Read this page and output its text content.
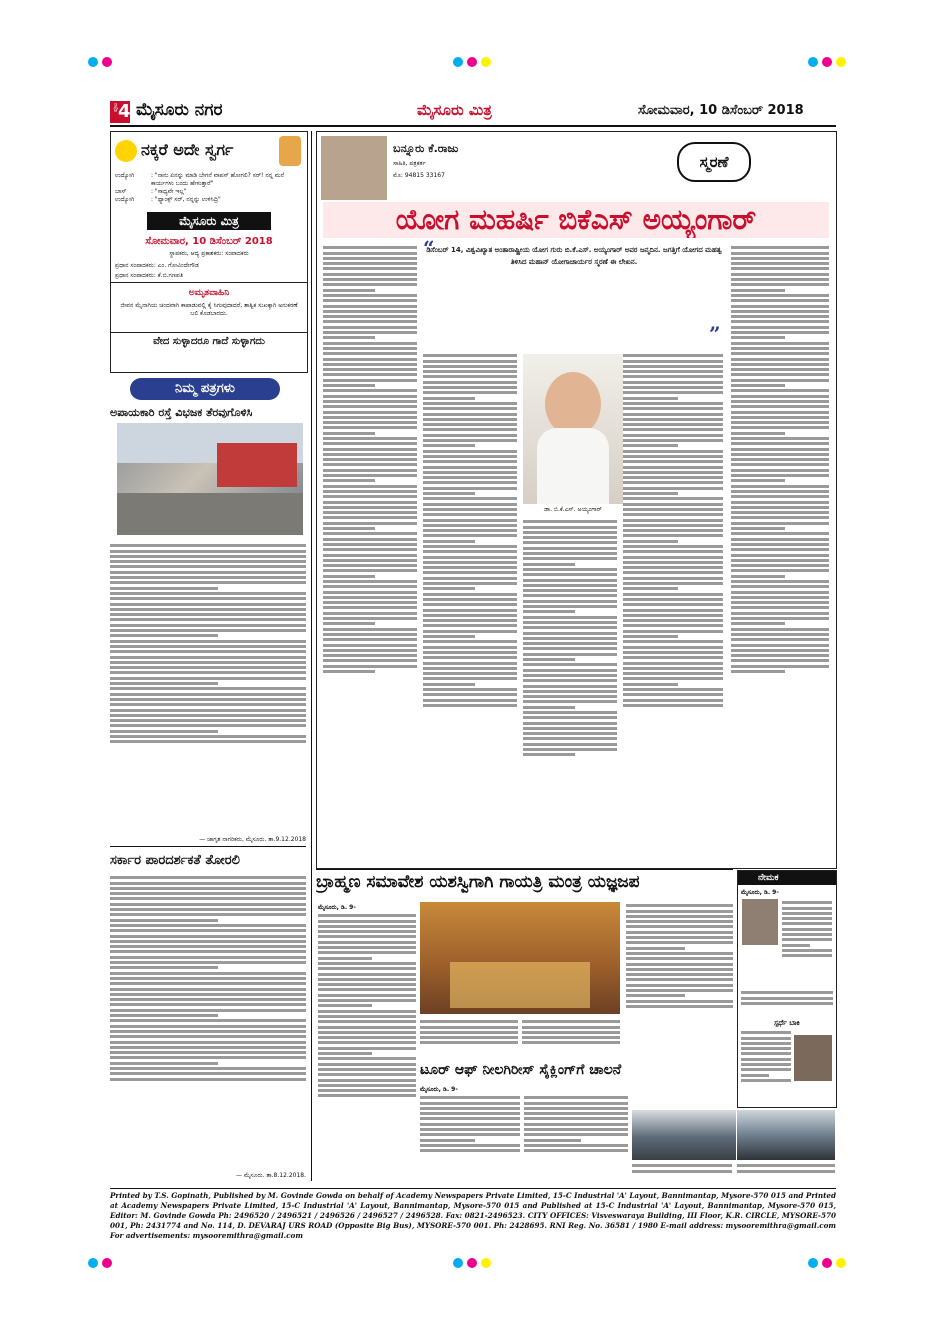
ಪುಟ 4 ಮೈಸೂರು ನಗರ	ಮೈಸೂರು ಮಿತ್ರ	ಸೋಮವಾರ, 10 ಡಿಸೆಂಬರ್ 2018
ನಕ್ಕರೆ ಅದೇ ಸ್ವರ್ಗ
ಉದ್ಯೋಗಿ	: "ನಾನು ಏನನ್ನು ಮಾಡಿ ಬೇಗನೆ ವಾಪಸ್ ಹೋಗಲಿ? ಸರ್! ನನ್ನ ಮನೆ ಕಾರ್ಯಗಳು ಬಂದು ಹೇಳುತ್ತಾರೆ"
ಬಾಸ್	: "ಸಾಧ್ಯವೇ ಇಲ್ಲ"
ಉದ್ಯೋಗಿ	: "ಥ್ಯಾಂಕ್ಸ್ ಸರ್, ನನ್ನನ್ನು ಉಳಿಸಿದ್ರಿ"
ಮೈಸೂರು ಮಿತ್ರ
ಸೋಮವಾರ, 10 ಡಿಸೆಂಬರ್ 2018
ಸ್ಥಾಪಕರು, ಆದ್ಯ ಪ್ರಕಾಶಕರು: ಸಂಪಾದಕರು
ಪ್ರಧಾನ ಸಂಪಾದಕರು: ಎಂ. ಗೋವಿಂದೇಗೌಡ
ಪ್ರಧಾನ ಸಂಪಾದಕರು: ಕೆ.ಬಿ.ಗಣಪತಿ
ಅಮೃತವಾಹಿನಿ
ಜೀವನ ಮೈನಾಗಿಯ ಚಂದವಾಗಿ ಕಾಪಾಡುವಲ್ಲಿ ಕೈ ಸಿಗುವುದಾದರೆ, ತಾತ್ವಿಕ ಸುಖಕ್ಕಾಗಿ ಅನುಕರಣೆ ಬಲಿ ಕೊಡಬಾರದು.
ವೇದ ಸುಳ್ಳಾದರೂ ಗಾದೆ ಸುಳ್ಳಾಗದು
ನಿಮ್ಮ ಪತ್ರಗಳು
ಅಪಾಯಕಾರಿ ರಸ್ತೆ ವಿಭಜಕ ತೆರವುಗೊಳಿಸಿ
— ಜಾಗೃತ ನಾಗರಿಕರು, ಮೈಸೂರು. ತಾ.9.12.2018
ಸರ್ಕಾರ ಪಾರದರ್ಶಕತೆ ತೋರಲಿ
— ಮೈಸೂರು. ತಾ.8.12.2018.
ಬನ್ನೂರು ಕೆ.ರಾಜು
ಸಾಹಿತಿ, ಪತ್ರಕರ್ತ
ಮೊ: 94815 33167
ಸ್ಮರಣೆ
ಯೋಗ ಮಹರ್ಷಿ ಬಿಕೆಎಸ್ ಅಯ್ಯಂಗಾರ್
ಡಿಸೆಂಬರ್ 14, ವಿಶ್ವವಿಖ್ಯಾತ ಅಂತಾರಾಷ್ಟ್ರೀಯ ಯೋಗ ಗುರು ಬಿ.ಕೆ.ಎಸ್. ಅಯ್ಯಂಗಾರ್ ಅವರ ಜನ್ಮದಿನ. ಜಗತ್ತಿಗೆ ಯೋಗದ ಮಹತ್ವ ತಿಳಿಸಿದ ಮಹಾನ್ ಯೋಗಾಚಾರ್ಯರ ಸ್ಮರಣೆ ಈ ಲೇಖನ.
“
”
ಡಾ. ಬಿ.ಕೆ.ಎಸ್. ಅಯ್ಯಂಗಾರ್
ಬ್ರಾಹ್ಮಣ ಸಮಾವೇಶ ಯಶಸ್ವಿಗಾಗಿ ಗಾಯತ್ರಿ ಮಂತ್ರ ಯಜ್ಞಜಪ
ಮೈಸೂರು, ಡಿ. 9-
ನೇಮಕ
ಮೈಸೂರು, ಡಿ. 9-
ಸ್ಪರ್ಧೆ ಬಾಕಿ
ಟೂರ್ ಆಫ್ ನೀಲಗಿರೀಸ್ ಸೈಕ್ಲಿಂಗ್‌ಗೆ ಚಾಲನೆ
ಮೈಸೂರು, ಡಿ. 9-
Printed by T.S. Gopinath, Published by M. Govinde Gowda on behalf of Academy Newspapers Private Limited, 15-C Industrial 'A' Layout, Bannimantap, Mysore-570 015 and Printed at Academy Newspapers Private Limited, 15-C Industrial 'A' Layout, Bannimantap, Mysore-570 015 and Published at 15-C Industrial 'A' Layout, Bannimantap, Mysore-570 015, Editor: M. Govinde Gowda Ph: 2496520 / 2496521 / 2496526 / 2496527 / 2496528. Fax: 0821-2496523. CITY OFFICES: Visveswaraya Building, III Floor, K.R. CIRCLE, MYSORE-570 001, Ph: 2431774 and No. 114, D. DEVARAJ URS ROAD (Opposite Big Bus), MYSORE-570 001. Ph: 2428695. RNI Reg. No. 36581 / 1980 E-mail address: mysooremithra@gmail.com For advertisements: mysooremithra@gmail.com
